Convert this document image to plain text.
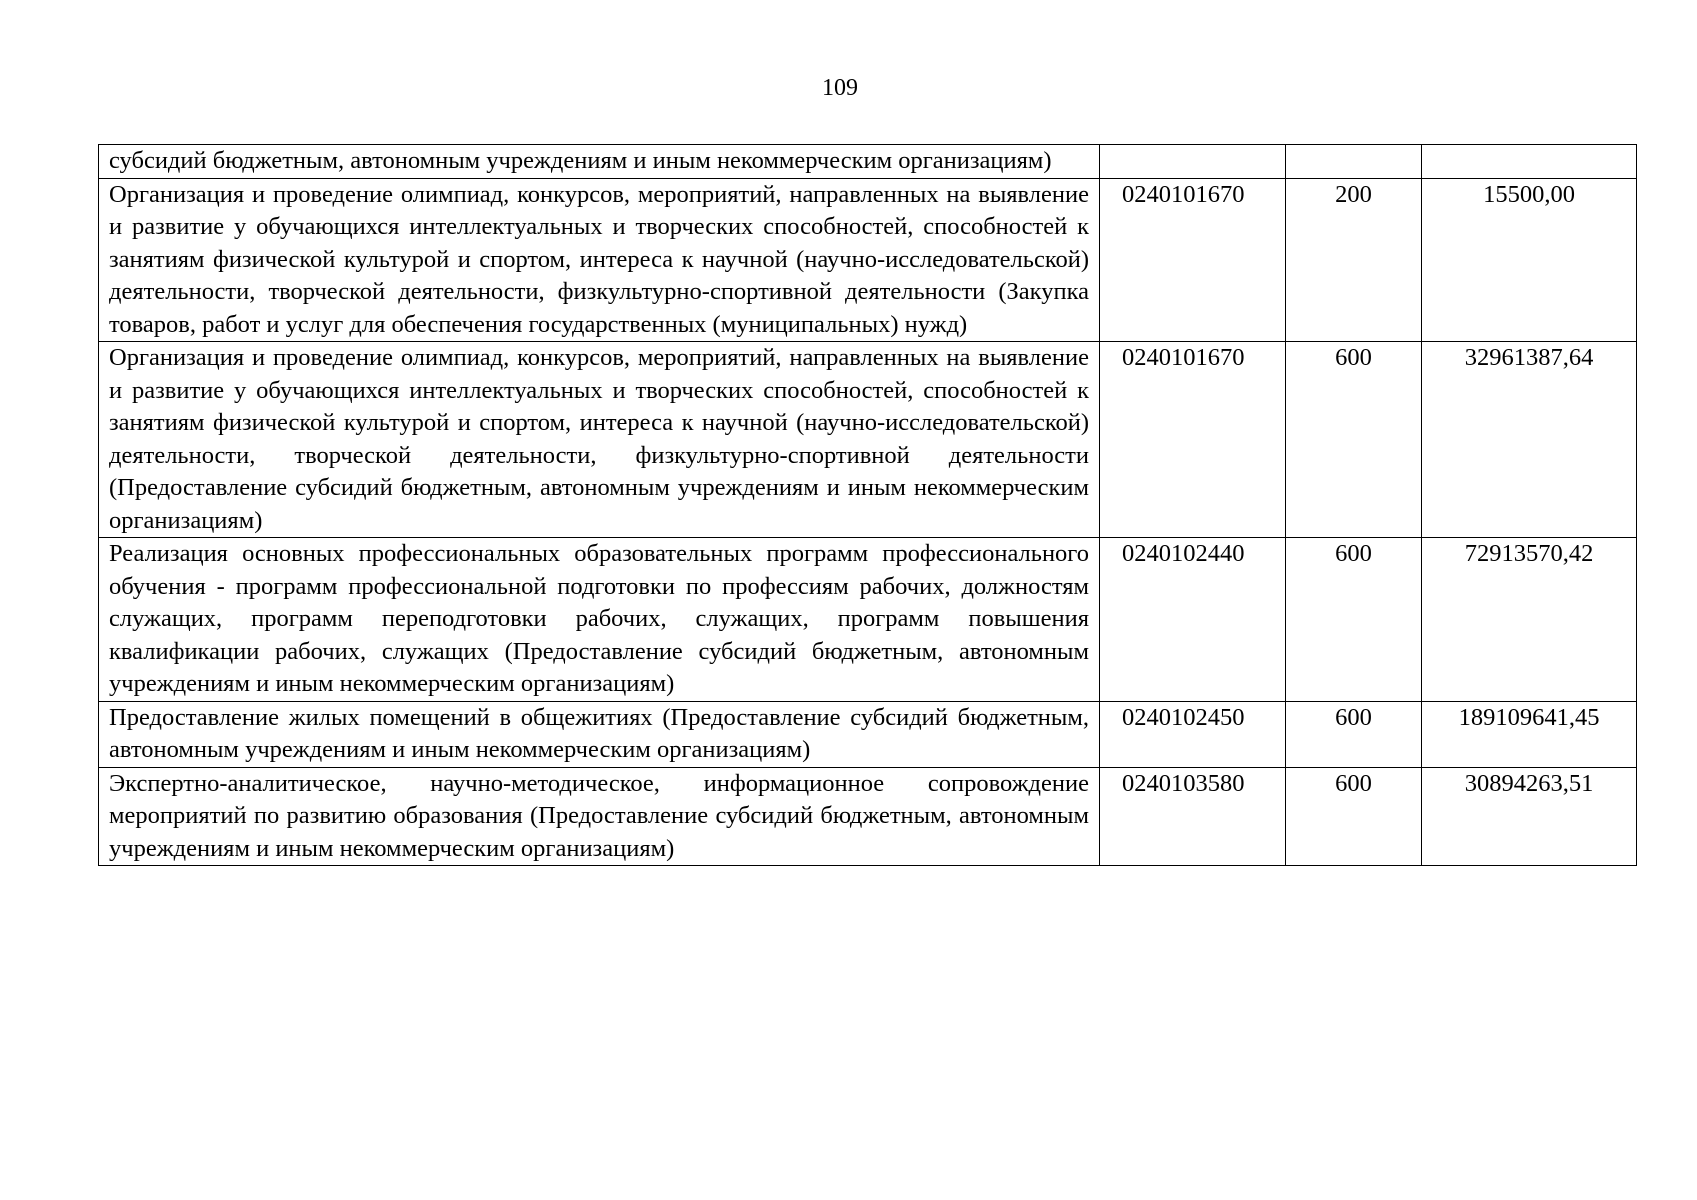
109
субсидий бюджетным, автономным учреждениям и иным некоммерческим организациям)			
Организация и проведение олимпиад, конкурсов, мероприятий, направленных на выявление и развитие у обучающихся интеллектуальных и творческих способностей, способностей к занятиям физической культурой и спортом, интереса к научной (научно-исследовательской) деятельности, творческой деятельности, физкультурно-спортивной деятельности (Закупка товаров, работ и услуг для обеспечения государственных (муниципальных) нужд)	0240101670	200	15500,00
Организация и проведение олимпиад, конкурсов, мероприятий, направленных на выявление и развитие у обучающихся интеллектуальных и творческих способностей, способностей к занятиям физической культурой и спортом, интереса к научной (научно-исследовательской) деятельности, творческой деятельности, физкультурно-спортивной деятельности (Предоставление субсидий бюджетным, автономным учреждениям и иным некоммерческим организациям)	0240101670	600	32961387,64
Реализация основных профессиональных образовательных программ профессионального обучения - программ профессиональной подготовки по профессиям рабочих, должностям служащих, программ переподготовки рабочих, служащих, программ повышения квалификации рабочих, служащих (Предоставление субсидий бюджетным, автономным учреждениям и иным некоммерческим организациям)	0240102440	600	72913570,42
Предоставление жилых помещений в общежитиях (Предоставление субсидий бюджетным, автономным учреждениям и иным некоммерческим организациям)	0240102450	600	189109641,45
Экспертно-аналитическое, научно-методическое, информационное сопровождение мероприятий по развитию образования (Предоставление субсидий бюджетным, автономным учреждениям и иным некоммерческим организациям)	0240103580	600	30894263,51
